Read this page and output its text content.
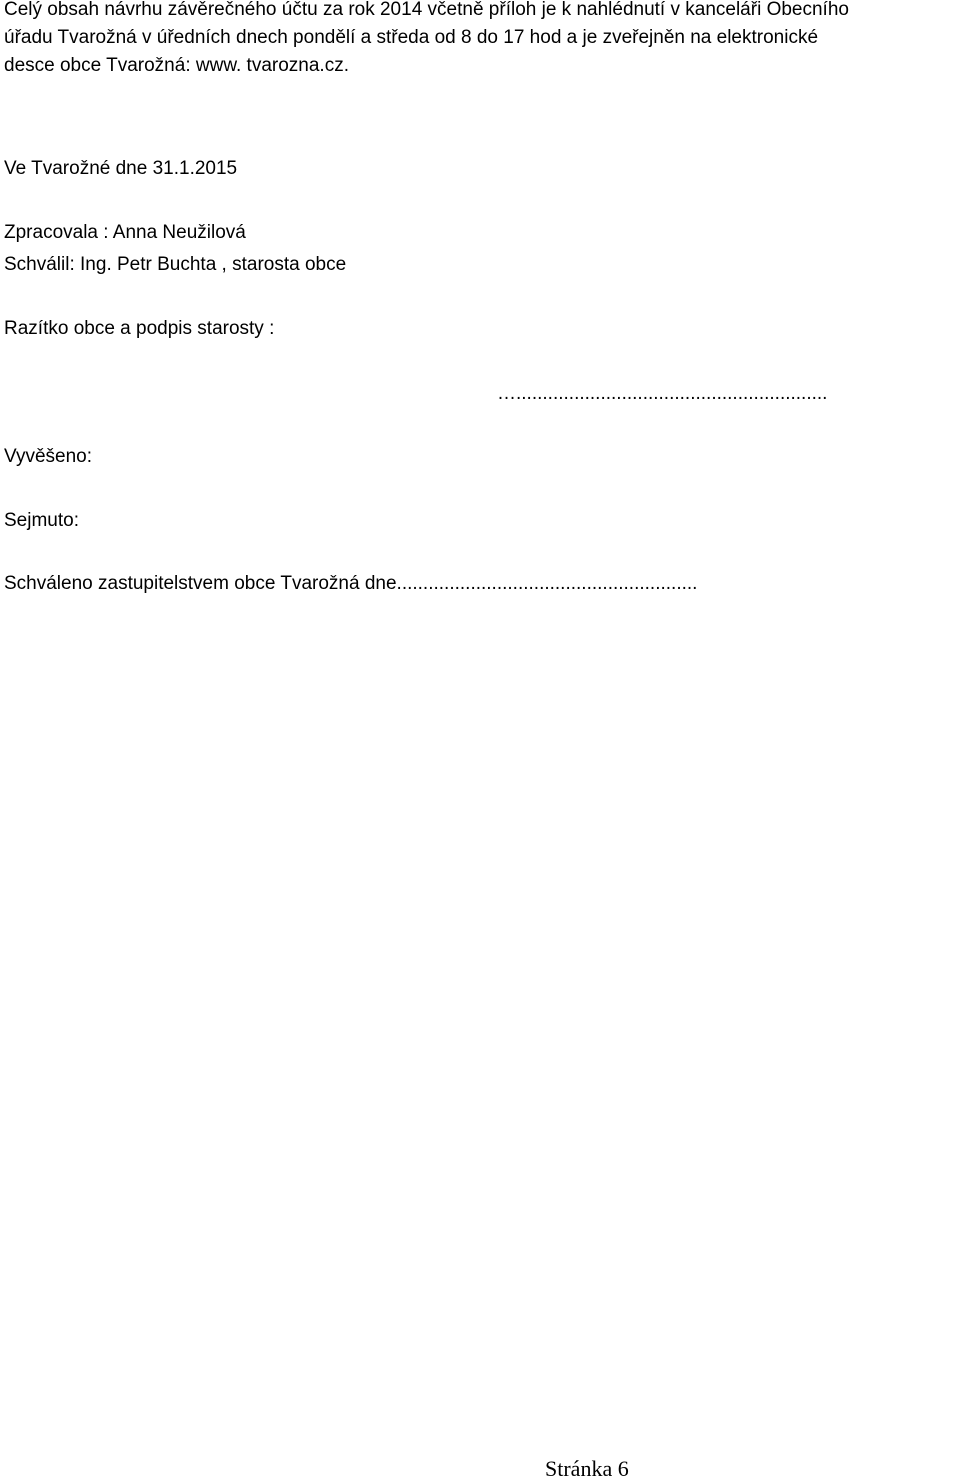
Celý obsah návrhu závěrečného účtu za rok 2014 včetně příloh je k nahlédnutí v kanceláři Obecního
úřadu Tvarožná v úředních dnech pondělí a středa od 8 do 17 hod a je zveřejněn na elektronické
desce obce Tvarožná: www. tvarozna.cz.
Ve Tvarožné dne 31.1.2015
Zpracovala : Anna Neužilová
Schválil: Ing. Petr Buchta , starosta obce
Razítko obce a podpis starosty :
…...........................................................
Vyvěšeno:
Sejmuto:
Schváleno zastupitelstvem obce Tvarožná dne.........................................................
Stránka 6
